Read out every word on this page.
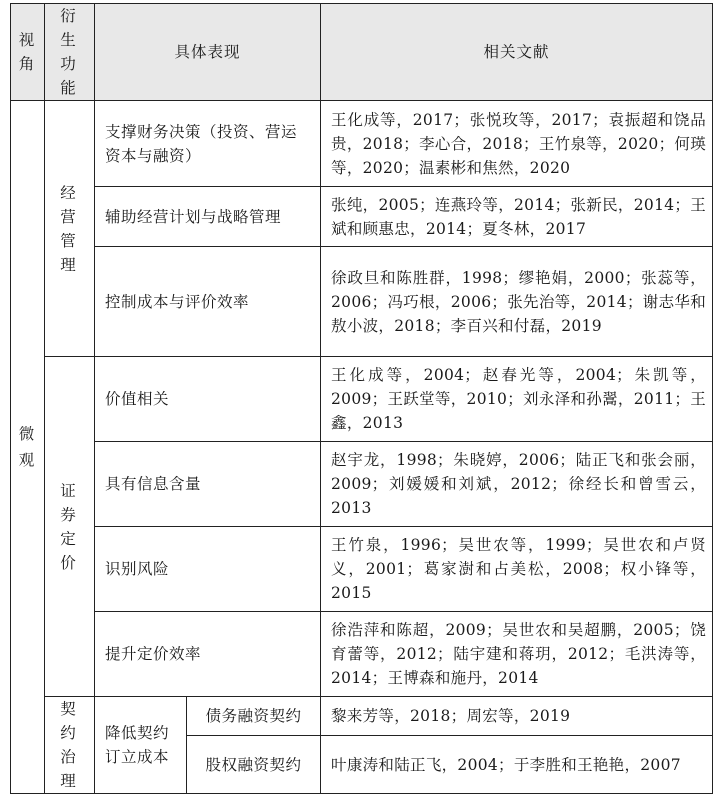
视角	衍生功能	具体表现		相关文献
微观	经营管理	支撑财务决策（投资、营运资本与融资）		王化成等，2017；张悦玫等，2017；袁振超和饶品贵，2018；李心合，2018；王竹泉等，2020；何瑛等，2020；温素彬和焦然，2020
		辅助经营计划与战略管理		张纯，2005；连燕玲等，2014；张新民，2014；王斌和顾惠忠，2014；夏冬林，2017
		控制成本与评价效率		徐政旦和陈胜群，1998；缪艳娟，2000；张蕊等，2006；冯巧根，2006；张先治等，2014；谢志华和敖小波，2018；李百兴和付磊，2019
	证券定价	价值相关		王化成等，2004；赵春光等，2004；朱凯等，2009；王跃堂等，2010；刘永泽和孙翯，2011；王鑫，2013
		具有信息含量		赵宇龙，1998；朱晓婷，2006；陆正飞和张会丽，2009；刘媛媛和刘斌，2012；徐经长和曾雪云，2013
		识别风险		王竹泉，1996；吴世农等，1999；吴世农和卢贤义，2001；葛家澍和占美松，2008；权小锋等，2015
		提升定价效率		徐浩萍和陈超，2009；吴世农和吴超鹏，2005；饶育蕾等，2012；陆宇建和蒋玥，2012；毛洪涛等，2014；王博森和施丹，2014
	契约治理	降低契约订立成本	债务融资契约	黎来芳等，2018；周宏等，2019
			股权融资契约	叶康涛和陆正飞，2004；于李胜和王艳艳，2007
